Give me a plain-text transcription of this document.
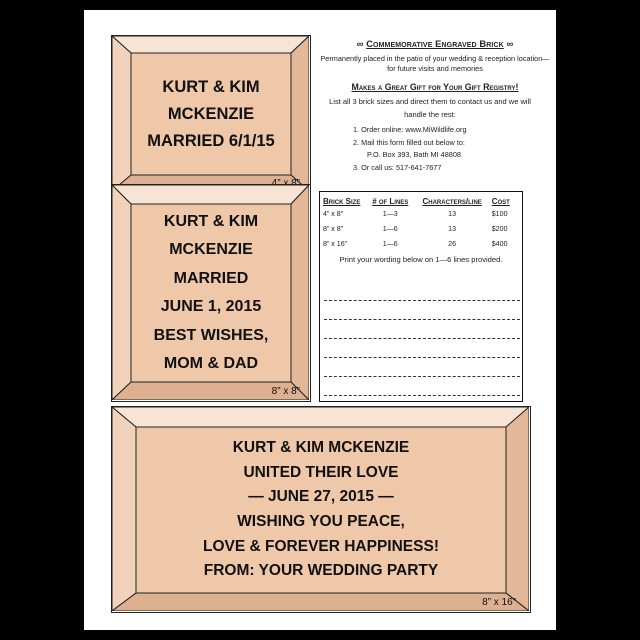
KURT & KIM
MCKENZIE
MARRIED 6/1/15
KURT & KIM
MCKENZIE
MARRIED
JUNE 1, 2015
BEST WISHES,
MOM & DAD
8” x 8”
KURT & KIM MCKENZIE
UNITED THEIR LOVE
— JUNE 27, 2015 —
WISHING YOU PEACE,
LOVE & FOREVER HAPPINESS!
FROM: YOUR WEDDING PARTY
8” x 16”
∞ Commemorative Engraved Brick ∞
Permanently placed in the patio of your wedding & reception location—for future visits and memories
Makes a Great Gift for Your Gift Registry!
List all 3 brick sizes and direct them to contact us and we will handle the rest:
1. Order online: www.MiWildlife.org
2. Mail this form filled out below to:
P.O. Box 393, Bath MI 48808
3. Or call us: 517-641-7677
Brick Size	# of Lines	Characters/line	Cost
4” x 8”	1—3	13	$100
8” x 8”	1—6	13	$200
8” x 16”	1—6	26	$400
Print your wording below on 1—6 lines provided.
